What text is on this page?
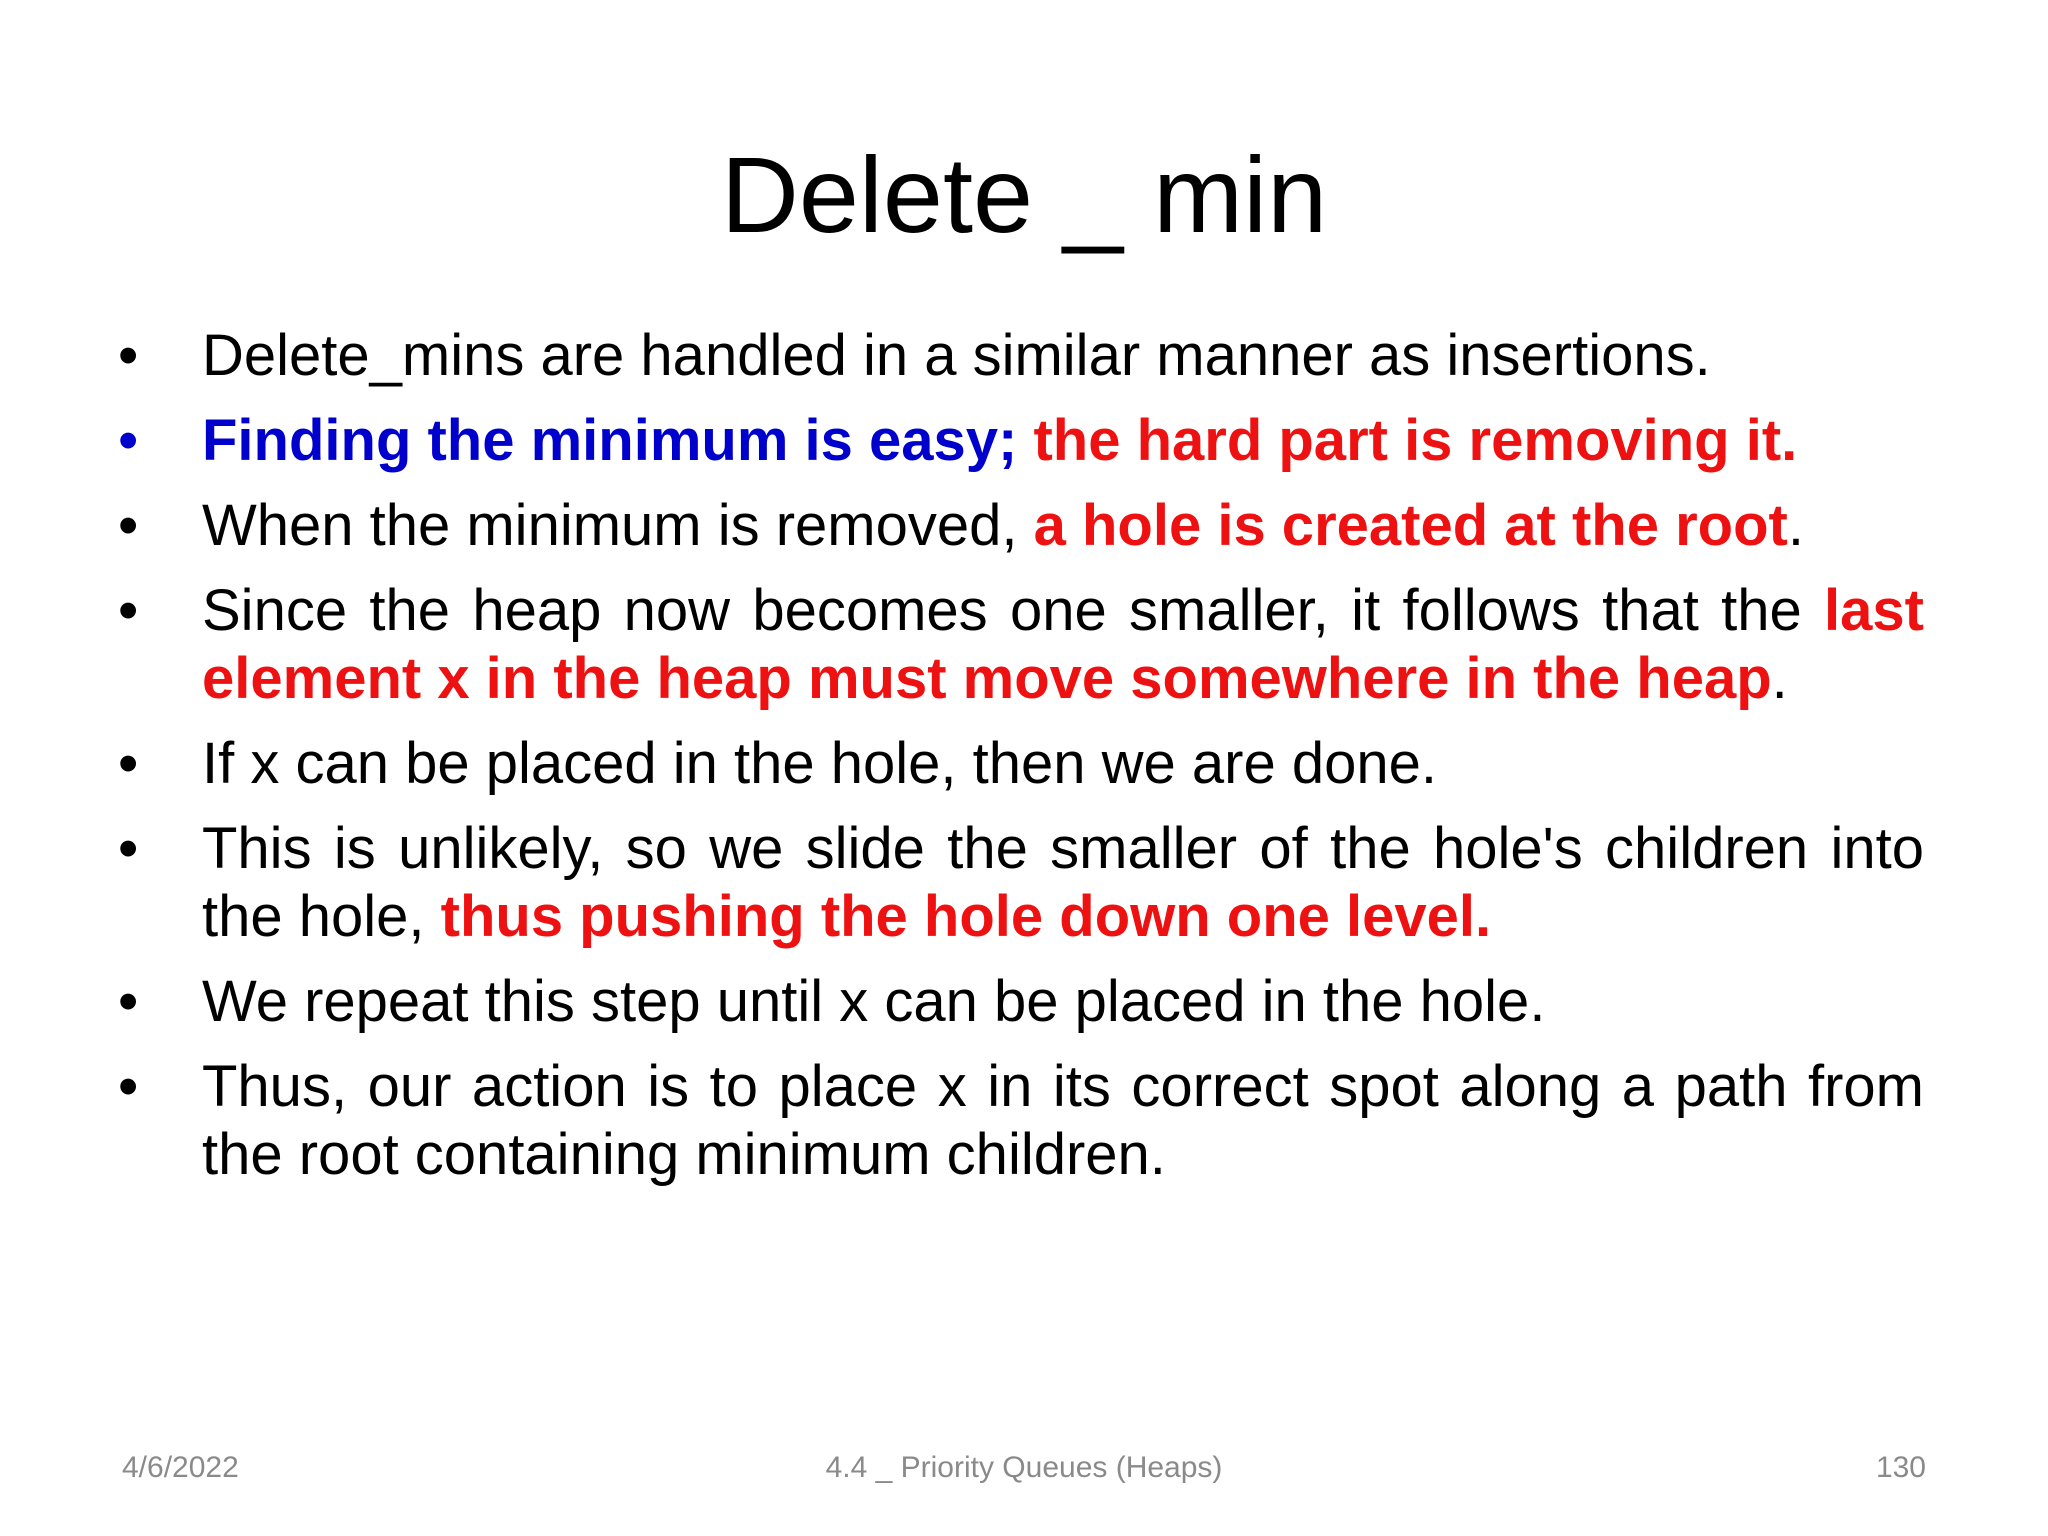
Delete _ min
•	Delete_mins are handled in a similar manner as insertions.
•	Finding the minimum is easy; the hard part is removing it.
•	When the minimum is removed, a hole is created at the root.
•	Since the heap now becomes one smaller, it follows that the last element x in the heap must move somewhere in the heap.
•	If x can be placed in the hole, then we are done.
•	This is unlikely, so we slide the smaller of the hole's children into the hole, thus pushing the hole down one level.
•	We repeat this step until x can be placed in the hole.
•	Thus, our action is to place x in its correct spot along a path from the root containing minimum children.
4/6/2022	4.4 _ Priority Queues (Heaps)	130
